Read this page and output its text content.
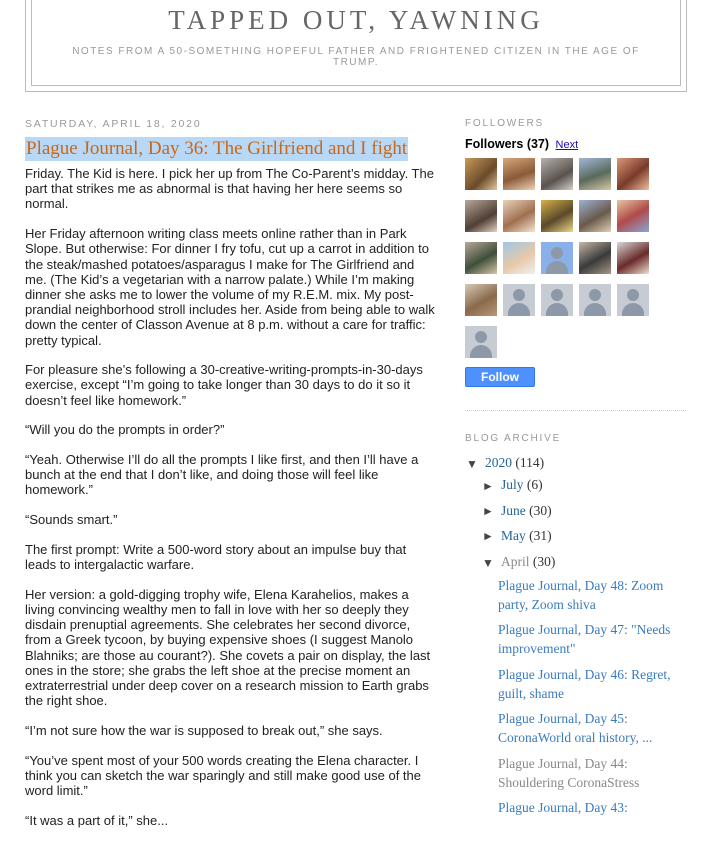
TAPPED OUT, YAWNING
NOTES FROM A 50-SOMETHING HOPEFUL FATHER AND FRIGHTENED CITIZEN IN THE AGE OF TRUMP.
SATURDAY, APRIL 18, 2020
Plague Journal, Day 36: The Girlfriend and I fight

Friday. The Kid is here. I pick her up from The Co-Parent’s midday. The part that strikes me as abnormal is that having her here seems so normal.

Her Friday afternoon writing class meets online rather than in Park Slope. But otherwise: For dinner I fry tofu, cut up a carrot in addition to the steak/mashed potatoes/asparagus I make for The Girlfriend and me. (The Kid’s a vegetarian with a narrow palate.) While I’m making dinner she asks me to lower the volume of my R.E.M. mix. My post-prandial neighborhood stroll includes her. Aside from being able to walk down the center of Classon Avenue at 8 p.m. without a care for traffic: pretty typical.

For pleasure she’s following a 30-creative-writing-prompts-in-30-days exercise, except “I’m going to take longer than 30 days to do it so it doesn’t feel like homework.”

“Will you do the prompts in order?”

“Yeah. Otherwise I’ll do all the prompts I like first, and then I’ll have a bunch at the end that I don’t like, and doing those will feel like homework.”

“Sounds smart.”

The first prompt: Write a 500-word story about an impulse buy that leads to intergalactic warfare.

Her version: a gold-digging trophy wife, Elena Karahelios, makes a living convincing wealthy men to fall in love with her so deeply they disdain prenuptial agreements. She celebrates her second divorce, from a Greek tycoon, by buying expensive shoes (I suggest Manolo Blahniks; are those au courant?). She covets a pair on display, the last ones in the store; she grabs the left shoe at the precise moment an extraterrestrial under deep cover on a research mission to Earth grabs the right shoe.

“I’m not sure how the war is supposed to break out,” she says.

“You’ve spent most of your 500 words creating the Elena character. I think you can sketch the war sparingly and still make good use of the word limit.”

“It was a part of it,” she...

FOLLOWERS
Followers (37) Next
Follow
BLOG ARCHIVE
▼ 2020 (114)
► July (6)
► June (30)
► May (31)
▼ April (30)
Plague Journal, Day 48: Zoom party, Zoom shiva
Plague Journal, Day 47: "Needs improvement"
Plague Journal, Day 46: Regret, guilt, shame
Plague Journal, Day 45: CoronaWorld oral history, ...
Plague Journal, Day 44: Shouldering CoronaStress
Plague Journal, Day 43:
